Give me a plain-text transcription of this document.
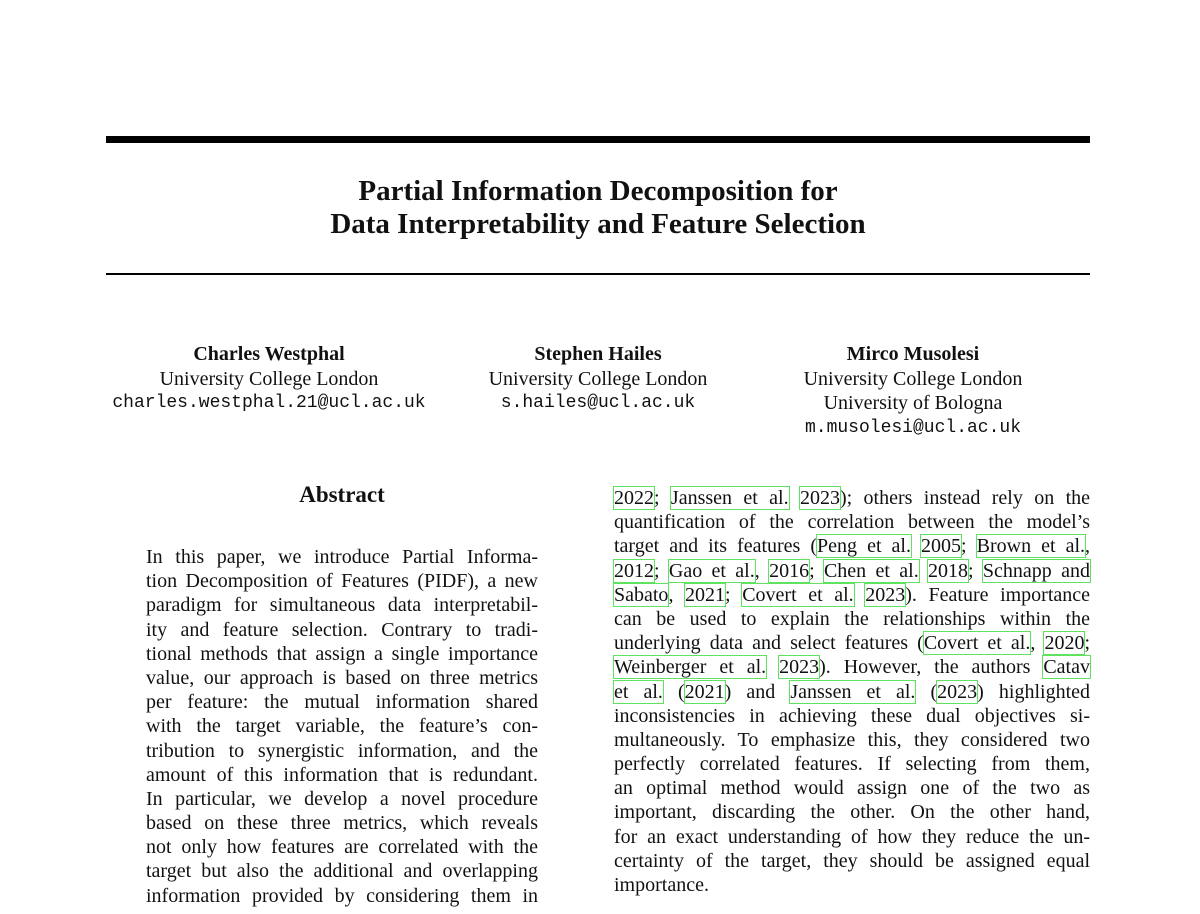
Partial Information Decomposition for
Data Interpretability and Feature Selection
Charles Westphal
University College London
charles.westphal.21@ucl.ac.uk
Stephen Hailes
University College London
s.hailes@ucl.ac.uk
Mirco Musolesi
University College London
University of Bologna
m.musolesi@ucl.ac.uk
Abstract
In this paper, we introduce Partial Informa-
tion Decomposition of Features (PIDF), a new
paradigm for simultaneous data interpretabil-
ity and feature selection. Contrary to tradi-
tional methods that assign a single importance
value, our approach is based on three metrics
per feature: the mutual information shared
with the target variable, the feature’s con-
tribution to synergistic information, and the
amount of this information that is redundant.
In particular, we develop a novel procedure
based on these three metrics, which reveals
not only how features are correlated with the
target but also the additional and overlapping
information provided by considering them in
2022; Janssen et al. 2023); others instead rely on the
quantification of the correlation between the model’s
target and its features (Peng et al. 2005; Brown et al.,
2012; Gao et al., 2016; Chen et al. 2018; Schnapp and
Sabato, 2021; Covert et al. 2023). Feature importance
can be used to explain the relationships within the
underlying data and select features (Covert et al., 2020;
Weinberger et al. 2023). However, the authors Catav
et al. (2021) and Janssen et al. (2023) highlighted
inconsistencies in achieving these dual objectives si-
multaneously. To emphasize this, they considered two
perfectly correlated features. If selecting from them,
an optimal method would assign one of the two as
important, discarding the other. On the other hand,
for an exact understanding of how they reduce the un-
certainty of the target, they should be assigned equal
importance.
